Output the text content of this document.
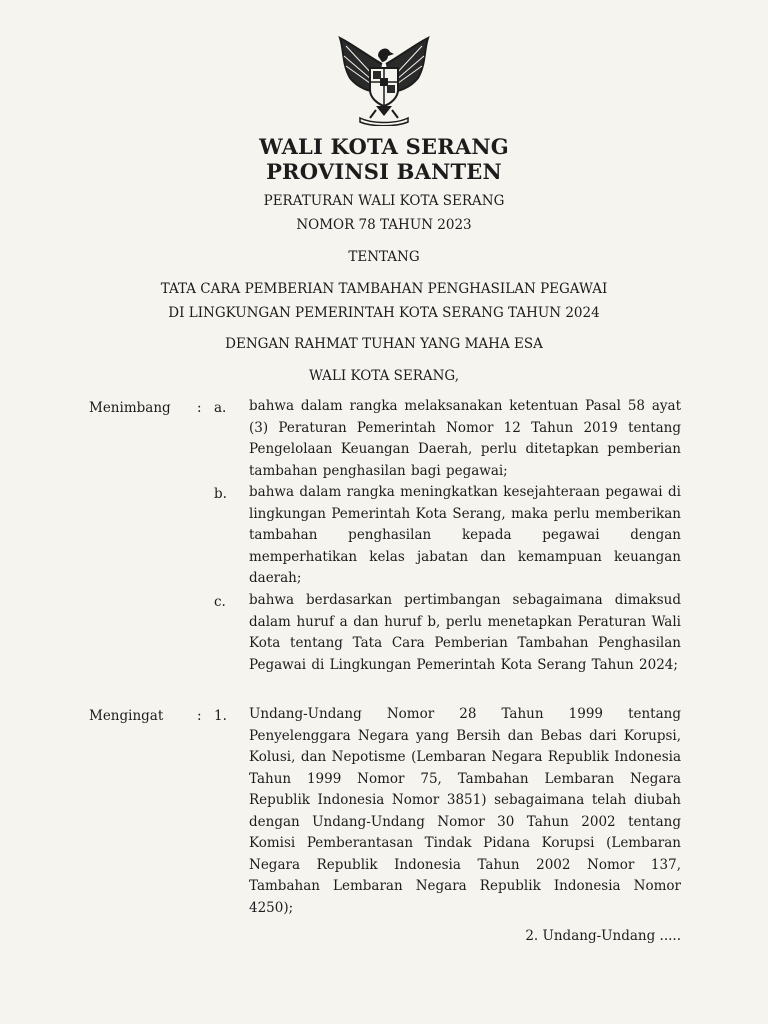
WALI KOTA SERANG
PROVINSI BANTEN
PERATURAN WALI KOTA SERANG
NOMOR 78 TAHUN 2023
TENTANG
TATA CARA PEMBERIAN TAMBAHAN PENGHASILAN PEGAWAI
DI LINGKUNGAN PEMERINTAH KOTA SERANG TAHUN 2024
DENGAN RAHMAT TUHAN YANG MAHA ESA
WALI KOTA SERANG,
Menimbang : a. bahwa dalam rangka melaksanakan ketentuan Pasal 58 ayat (3) Peraturan Pemerintah Nomor 12 Tahun 2019 tentang Pengelolaan Keuangan Daerah, perlu ditetapkan pemberian tambahan penghasilan bagi pegawai;
b. bahwa dalam rangka meningkatkan kesejahteraan pegawai di lingkungan Pemerintah Kota Serang, maka perlu memberikan tambahan penghasilan kepada pegawai dengan memperhatikan kelas jabatan dan kemampuan keuangan daerah;
c. bahwa berdasarkan pertimbangan sebagaimana dimaksud dalam huruf a dan huruf b, perlu menetapkan Peraturan Wali Kota tentang Tata Cara Pemberian Tambahan Penghasilan Pegawai di Lingkungan Pemerintah Kota Serang Tahun 2024;
Mengingat : 1. Undang-Undang Nomor 28 Tahun 1999 tentang Penyelenggara Negara yang Bersih dan Bebas dari Korupsi, Kolusi, dan Nepotisme (Lembaran Negara Republik Indonesia Tahun 1999 Nomor 75, Tambahan Lembaran Negara Republik Indonesia Nomor 3851) sebagaimana telah diubah dengan Undang-Undang Nomor 30 Tahun 2002 tentang Komisi Pemberantasan Tindak Pidana Korupsi (Lembaran Negara Republik Indonesia Tahun 2002 Nomor 137, Tambahan Lembaran Negara Republik Indonesia Nomor 4250);
2. Undang-Undang .....
